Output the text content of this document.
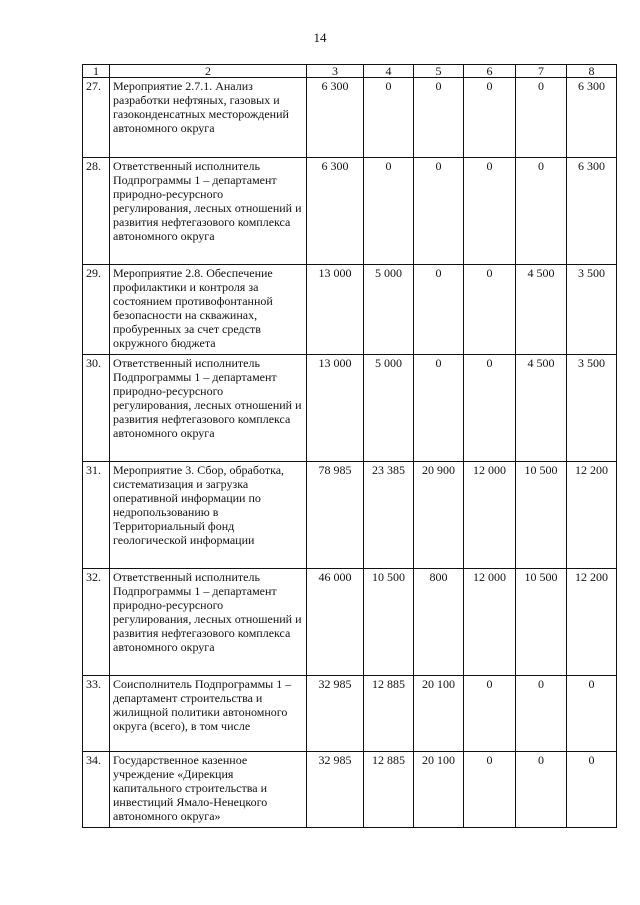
14
1	2	3	4	5	6	7	8
27.	Мероприятие 2.7.1. Анализ разработки нефтяных, газовых и газоконденсатных месторождений автономного округа	6 300	0	0	0	0	6 300
28.	Ответственный исполнитель Подпрограммы 1 – департамент природно-ресурсного регулирования, лесных отношений и развития нефтегазового комплекса автономного округа	6 300	0	0	0	0	6 300
29.	Мероприятие 2.8. Обеспечение профилактики и контроля за состоянием противофонтанной безопасности на скважинах, пробуренных за счет средств окружного бюджета	13 000	5 000	0	0	4 500	3 500
30.	Ответственный исполнитель Подпрограммы 1 – департамент природно-ресурсного регулирования, лесных отношений и развития нефтегазового комплекса автономного округа	13 000	5 000	0	0	4 500	3 500
31.	Мероприятие 3. Сбор, обработка, систематизация и загрузка оперативной информации по недропользованию в Территориальный фонд геологической информации	78 985	23 385	20 900	12 000	10 500	12 200
32.	Ответственный исполнитель Подпрограммы 1 – департамент природно-ресурсного регулирования, лесных отношений и развития нефтегазового комплекса автономного округа	46 000	10 500	800	12 000	10 500	12 200
33.	Соисполнитель Подпрограммы 1 – департамент строительства и жилищной политики автономного округа (всего), в том числе	32 985	12 885	20 100	0	0	0
34.	Государственное казенное учреждение «Дирекция капитального строительства и инвестиций Ямало-Ненецкого автономного округа»	32 985	12 885	20 100	0	0	0
